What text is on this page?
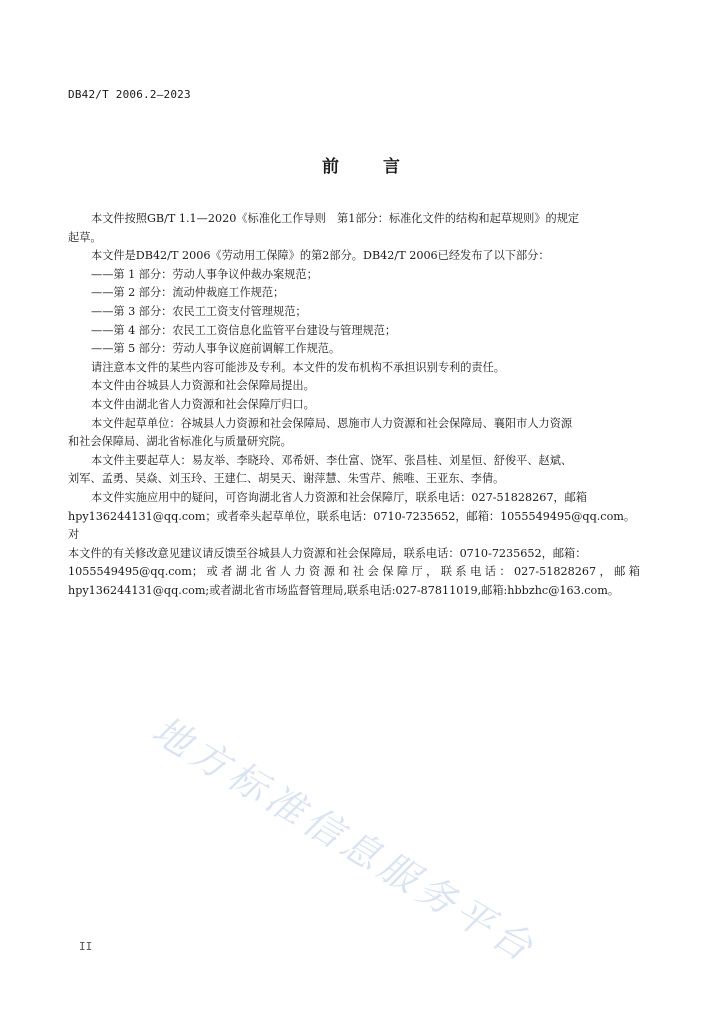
DB42/T 2006.2—2023
前 言

本文件按照GB/T 1.1—2020《标准化工作导则　第1部分：标准化文件的结构和起草规则》的规定

起草。

本文件是DB42/T 2006《劳动用工保障》的第2部分。DB42/T 2006已经发布了以下部分：

——第 1 部分：劳动人事争议仲裁办案规范；

——第 2 部分：流动仲裁庭工作规范；

——第 3 部分：农民工工资支付管理规范；

——第 4 部分：农民工工资信息化监管平台建设与管理规范；

——第 5 部分：劳动人事争议庭前调解工作规范。

请注意本文件的某些内容可能涉及专利。本文件的发布机构不承担识别专利的责任。

本文件由谷城县人力资源和社会保障局提出。

本文件由湖北省人力资源和社会保障厅归口。

本文件起草单位：谷城县人力资源和社会保障局、恩施市人力资源和社会保障局、襄阳市人力资源

和社会保障局、湖北省标准化与质量研究院。

本文件主要起草人：易友举、李晓玲、邓希妍、李仕富、饶军、张昌桂、刘星恒、舒俊平、赵斌、

刘军、孟勇、吴焱、刘玉玲、王建仁、胡昊天、谢萍慧、朱雪芹、熊唯、王亚东、李倩。

本文件实施应用中的疑问，可咨询湖北省人力资源和社会保障厅，联系电话：027-51828267，邮箱

hpy136244131@qq.com；或者牵头起草单位，联系电话：0710-7235652，邮箱：1055549495@qq.com。对

本文件的有关修改意见建议请反馈至谷城县人力资源和社会保障局，联系电话：0710-7235652，邮箱：

1055549495@qq.com；或者湖北省人力资源和社会保障厅，联系电话：027-51828267，邮箱

hpy136244131@qq.com;或者湖北省市场监督管理局,联系电话:027-87811019,邮箱:hbbzhc@163.com。

地方标准信息服务平台
II
